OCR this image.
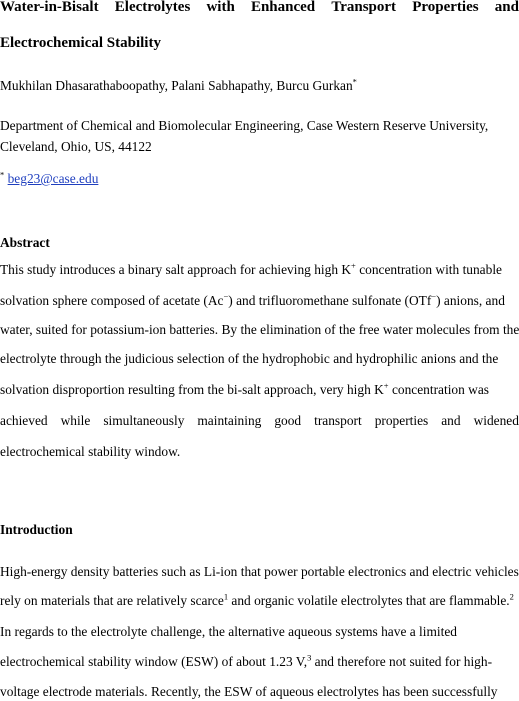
Water-in-Bisalt Electrolytes with Enhanced Transport Properties and
Electrochemical Stability
Mukhilan Dhasarathaboopathy, Palani Sabhapathy, Burcu Gurkan*
Department of Chemical and Biomolecular Engineering, Case Western Reserve University,
Cleveland, Ohio, US, 44122
* beg23@case.edu
Abstract
This study introduces a binary salt approach for achieving high K+ concentration with tunable
solvation sphere composed of acetate (Ac−) and trifluoromethane sulfonate (OTf−) anions, and
water, suited for potassium-ion batteries. By the elimination of the free water molecules from the
electrolyte through the judicious selection of the hydrophobic and hydrophilic anions and the
solvation disproportion resulting from the bi-salt approach, very high K+ concentration was
achieved while simultaneously maintaining good transport properties and widened
electrochemical stability window.
Introduction
High-energy density batteries such as Li-ion that power portable electronics and electric vehicles
rely on materials that are relatively scarce$^1$ and organic volatile electrolytes that are flammable.$^2$
In regards to the electrolyte challenge, the alternative aqueous systems have a limited
electrochemical stability window (ESW) of about 1.23 V,$^3$ and therefore not suited for high-
voltage electrode materials. Recently, the ESW of aqueous electrolytes has been successfully
